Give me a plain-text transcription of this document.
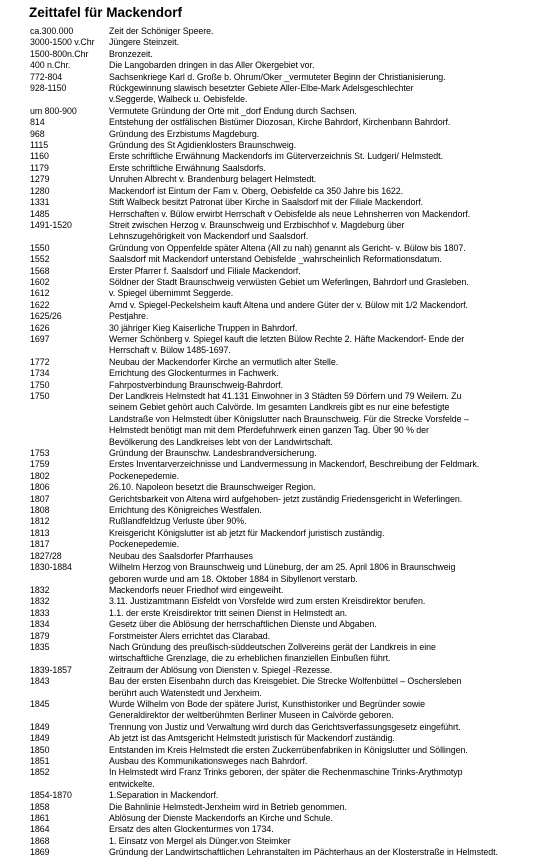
Zeittafel für Mackendorf
ca.300.000	Zeit der Schöniger Speere.
3000-1500 v.Chr	Jüngere Steinzeit.
1500-800n.Chr	Bronzezeit.
400 n.Chr.	Die Langobarden dringen in das Aller Okergebiet vor.
772-804	Sachsenkriege Karl d. Große b. Ohrum/Oker _vermuteter Beginn der Christianisierung.
928-1150	Rückgewinnung slawisch besetzter Gebiete Aller-Elbe-Mark Adelsgeschlechter
v.Seggerde, Walbeck u. Oebisfelde.
um 800-900	Vermutete Gründung der Orte mit _dorf Endung durch Sachsen.
814	Entstehung der ostfälischen Bistümer Diozosan, Kirche Bahrdorf, Kirchenbann Bahrdorf.
968	Gründung des Erzbistums Magdeburg.
1115	Gründung des St Agidienklosters Braunschweig.
1160	Erste schriftliche Erwähnung Mackendorfs im Güterverzeichnis St. Ludgeri/ Helmstedt.
1179	Erste schriftliche Erwähnung Saalsdorfs.
1279	Unruhen Albrecht v. Brandenburg belagert Helmstedt.
1280	Mackendorf ist Eintum der Fam v. Oberg, Oebisfelde ca 350 Jahre bis 1622.
1331	Stift Walbeck besitzt Patronat über Kirche in Saalsdorf mit der Filiale Mackendorf.
1485	Herrschaften v. Bülow erwirbt Herrschaft v Oebisfelde als neue Lehnsherren von Mackendorf.
1491-1520	Streit zwischen Herzog v. Braunschweig und Erzbischhof v. Magdeburg über
Lehnszugehörigkeit von Mackendorf und Saalsdorf.
1550	Gründung von Oppenfelde später Altena (All zu nah) genannt als Gericht- v. Bülow bis 1807.
1552	Saalsdorf mit Mackendorf unterstand Oebisfelde _wahrscheinlich Reformationsdatum.
1568	Erster Pfarrer f. Saalsdorf und Filiale Mackendorf.
1602	Söldner der Stadt Braunschweig verwüsten Gebiet um Weferlingen, Bahrdorf und Grasleben.
1612	v. Spiegel übernimmt Seggerde.
1622	Arnd v. Spiegel-Peckelsheim kauft Altena und andere Güter der v. Bülow mit 1/2 Mackendorf.
1625/26	Pestjahre.
1626	30 jähriger Kieg Kaiserliche Truppen in Bahrdorf.
1697	Werner Schönberg v. Spiegel kauft die letzten Bülow Rechte 2. Häfte Mackendorf- Ende der
Herrschaft v. Bülow 1485-1697.
1772	Neubau der Mackendorfer Kirche an vermutlich alter Stelle.
1734	Errichtung des Glockenturmes in Fachwerk.
1750	Fahrpostverbindung Braunschweig-Bahrdorf.
1750	Der Landkreis Helmstedt hat 41.131 Einwohner in 3 Städten 59 Dörfern und 79 Weilern. Zu
seinem Gebiet gehört auch Calvörde. Im gesamten Landkreis gibt es nur eine befestigte
Landstraße von Helmstedt über Königslutter nach Braunschweig. Für die Strecke Vorsfelde –
Helmstedt benötigt man mit dem Pferdefuhrwerk einen ganzen Tag. Über 90 % der
Bevölkerung des Landkreises lebt von der Landwirtschaft.
1753	Gründung der Braunschw. Landesbrandversicherung.
1759	Erstes Inventarverzeichnisse und Landvermessung in Mackendorf, Beschreibung der Feldmark.
1802	Pockenepedemie.
1806	26.10. Napoleon besetzt die Braunschweiger Region.
1807	Gerichtsbarkeit von Altena wird aufgehoben- jetzt zuständig Friedensgericht in Weferlingen.
1808	Errichtung des Königreiches Westfalen.
1812	Rußlandfeldzug Verluste über 90%.
1813	Kreisgericht Königslutter ist ab jetzt für Mackendorf juristisch zuständig.
1817	Pockenepedemie.
1827/28	Neubau des Saalsdorfer Pfarrhauses
1830-1884	Wilhelm Herzog von Braunschweig und Lüneburg, der am 25. April 1806 in Braunschweig
geboren wurde und am 18. Oktober 1884 in Sibyllenort verstarb.
1832	Mackendorfs neuer Friedhof wird eingeweiht.
1832	3.11. Justizamtmann Eisfeldt von Vorsfelde wird zum ersten Kreisdirektor berufen.
1833	1.1. der erste Kreisdirektor tritt seinen Dienst in Helmstedt an.
1834	Gesetz über die Ablösung der herrschaftlichen Dienste und Abgaben.
1879	Forstmeister Alers errichtet das Clarabad.
1835	Nach Gründung des preußisch-süddeutschen Zollvereins gerät der Landkreis in eine
wirtschaftliche Grenzlage, die zu erheblichen finanziellen Einbußen führt.
1839-1857	Zeitraum der Ablösung von Diensten v. Spiegel -Rezesse.
1843	Bau der ersten Eisenbahn durch das Kreisgebiet. Die Strecke Wolfenbüttel – Oschersleben
berührt auch Watenstedt und Jerxheim.
1845	Wurde Wilhelm von Bode der spätere Jurist, Kunsthistoriker und Begründer sowie
Generaldirektor der weltberühmten Berliner Museen in Calvörde geboren.
1849	Trennung von Justiz und Verwaltung wird durch das Gerichtsverfassungsgesetz eingeführt.
1849	Ab jetzt ist das Amtsgericht Helmstedt juristisch für Mackendorf zuständig.
1850	Entstanden im Kreis Helmstedt die ersten Zuckerrübenfabriken in Königslutter und Söllingen.
1851	Ausbau des Kommunikationsweges nach Bahrdorf.
1852	In Helmstedt wird Franz Trinks geboren, der später die Rechenmaschine Trinks-Arythmotyp
entwickelte.
1854-1870	1.Separation in Mackendorf.
1858	Die Bahnlinie Helmstedt-Jerxheim wird in Betrieb genommen.
1861	Ablösung der Dienste Mackendorfs an Kirche und Schule.
1864	Ersatz des alten Glockenturmes von 1734.
1868	1. Einsatz von Mergel als Dünger.von Steimker
1869	Gründung der Landwirtschaftlichen Lehranstalten im Pächterhaus an der Klosterstraße in Helmstedt.
